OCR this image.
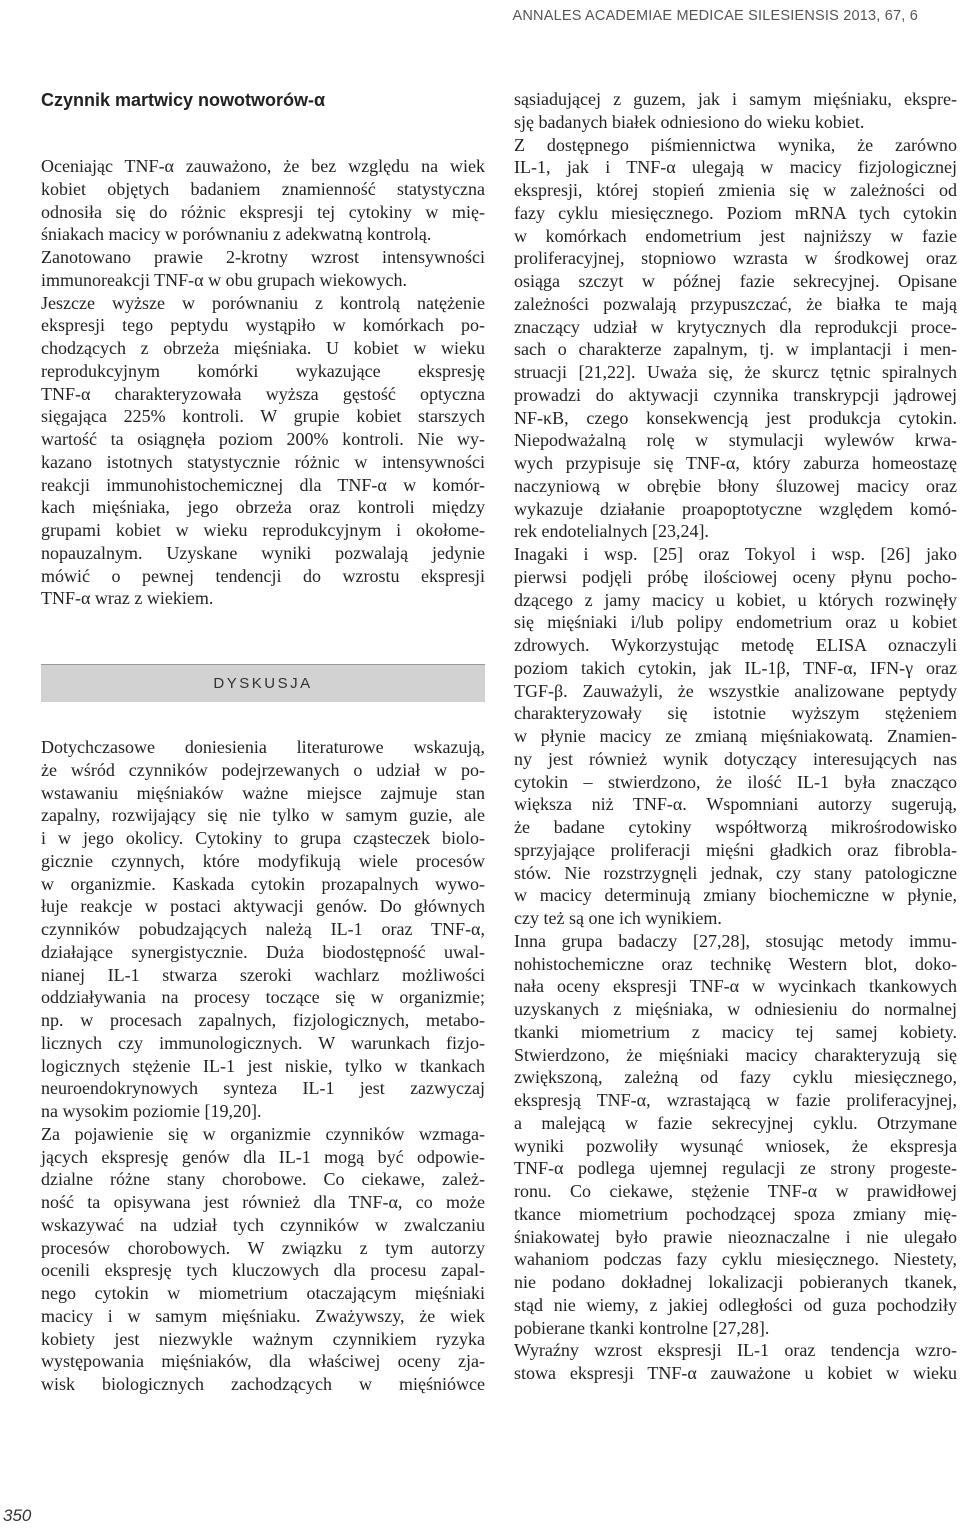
ANNALES ACADEMIAE MEDICAE SILESIENSIS 2013, 67, 6
Czynnik martwicy nowotworów-α
Oceniając TNF-α zauważono, że bez względu na wiek
kobiet objętych badaniem znamienność statystyczna
odnosiła się do różnic ekspresji tej cytokiny w mię-
śniakach macicy w porównaniu z adekwatną kontrolą.
Zanotowano prawie 2-krotny wzrost intensywności
immunoreakcji TNF-α w obu grupach wiekowych.
Jeszcze wyższe w porównaniu z kontrolą natężenie
ekspresji tego peptydu wystąpiło w komórkach po-
chodzących z obrzeża mięśniaka. U kobiet w wieku
reprodukcyjnym komórki wykazujące ekspresję
TNF-α charakteryzowała wyższa gęstość optyczna
sięgająca 225% kontroli. W grupie kobiet starszych
wartość ta osiągnęła poziom 200% kontroli. Nie wy-
kazano istotnych statystycznie różnic w intensywności
reakcji immunohistochemicznej dla TNF-α w komór-
kach mięśniaka, jego obrzeża oraz kontroli między
grupami kobiet w wieku reprodukcyjnym i okołome-
nopauzalnym. Uzyskane wyniki pozwalają jedynie
mówić o pewnej tendencji do wzrostu ekspresji
TNF-α wraz z wiekiem.
DYSKUSJA
Dotychczasowe doniesienia literaturowe wskazują,
że wśród czynników podejrzewanych o udział w po-
wstawaniu mięśniaków ważne miejsce zajmuje stan
zapalny, rozwijający się nie tylko w samym guzie, ale
i w jego okolicy. Cytokiny to grupa cząsteczek biolo-
gicznie czynnych, które modyfikują wiele procesów
w organizmie. Kaskada cytokin prozapalnych wywo-
łuje reakcje w postaci aktywacji genów. Do głównych
czynników pobudzających należą IL-1 oraz TNF-α,
działające synergistycznie. Duża biodostępność uwal-
nianej IL-1 stwarza szeroki wachlarz możliwości
oddziaływania na procesy toczące się w organizmie;
np. w procesach zapalnych, fizjologicznych, metabo-
licznych czy immunologicznych. W warunkach fizjo-
logicznych stężenie IL-1 jest niskie, tylko w tkankach
neuroendokrynowych synteza IL-1 jest zazwyczaj
na wysokim poziomie [19,20].
Za pojawienie się w organizmie czynników wzmaga-
jących ekspresję genów dla IL-1 mogą być odpowie-
dzialne różne stany chorobowe. Co ciekawe, zależ-
ność ta opisywana jest również dla TNF-α, co może
wskazywać na udział tych czynników w zwalczaniu
procesów chorobowych. W związku z tym autorzy
ocenili ekspresję tych kluczowych dla procesu zapal-
nego cytokin w miometrium otaczającym mięśniaki
macicy i w samym mięśniaku. Zważywszy, że wiek
kobiety jest niezwykle ważnym czynnikiem ryzyka
występowania mięśniaków, dla właściwej oceny zja-
wisk biologicznych zachodzących w mięśniówce
sąsiadującej z guzem, jak i samym mięśniaku, ekspre-
sję badanych białek odniesiono do wieku kobiet.
Z dostępnego piśmiennictwa wynika, że zarówno
IL-1, jak i TNF-α ulegają w macicy fizjologicznej
ekspresji, której stopień zmienia się w zależności od
fazy cyklu miesięcznego. Poziom mRNA tych cytokin
w komórkach endometrium jest najniższy w fazie
proliferacyjnej, stopniowo wzrasta w środkowej oraz
osiąga szczyt w późnej fazie sekrecyjnej. Opisane
zależności pozwalają przypuszczać, że białka te mają
znaczący udział w krytycznych dla reprodukcji proce-
sach o charakterze zapalnym, tj. w implantacji i men-
struacji [21,22]. Uważa się, że skurcz tętnic spiralnych
prowadzi do aktywacji czynnika transkrypcji jądrowej
NF-κB, czego konsekwencją jest produkcja cytokin.
Niepodważalną rolę w stymulacji wylewów krwa-
wych przypisuje się TNF-α, który zaburza homeostazę
naczyniową w obrębie błony śluzowej macicy oraz
wykazuje działanie proapoptotyczne względem komó-
rek endotelialnych [23,24].
Inagaki i wsp. [25] oraz Tokyol i wsp. [26] jako
pierwsi podjęli próbę ilościowej oceny płynu pocho-
dzącego z jamy macicy u kobiet, u których rozwinęły
się mięśniaki i/lub polipy endometrium oraz u kobiet
zdrowych. Wykorzystując metodę ELISA oznaczyli
poziom takich cytokin, jak IL-1β, TNF-α, IFN-γ oraz
TGF-β. Zauważyli, że wszystkie analizowane peptydy
charakteryzowały się istotnie wyższym stężeniem
w płynie macicy ze zmianą mięśniakowatą. Znamien-
ny jest również wynik dotyczący interesujących nas
cytokin – stwierdzono, że ilość IL-1 była znacząco
większa niż TNF-α. Wspomniani autorzy sugerują,
że badane cytokiny współtworzą mikrośrodowisko
sprzyjające proliferacji mięśni gładkich oraz fibrobla-
stów. Nie rozstrzygnęli jednak, czy stany patologiczne
w macicy determinują zmiany biochemiczne w płynie,
czy też są one ich wynikiem.
Inna grupa badaczy [27,28], stosując metody immu-
nohistochemiczne oraz technikę Western blot, doko-
nała oceny ekspresji TNF-α w wycinkach tkankowych
uzyskanych z mięśniaka, w odniesieniu do normalnej
tkanki miometrium z macicy tej samej kobiety.
Stwierdzono, że mięśniaki macicy charakteryzują się
zwiększoną, zależną od fazy cyklu miesięcznego,
ekspresją TNF-α, wzrastającą w fazie proliferacyjnej,
a malejącą w fazie sekrecyjnej cyklu. Otrzymane
wyniki pozwoliły wysunąć wniosek, że ekspresja
TNF-α podlega ujemnej regulacji ze strony progeste-
ronu. Co ciekawe, stężenie TNF-α w prawidłowej
tkance miometrium pochodzącej spoza zmiany mię-
śniakowatej było prawie nieoznaczalne i nie ulegało
wahaniom podczas fazy cyklu miesięcznego. Niestety,
nie podano dokładnej lokalizacji pobieranych tkanek,
stąd nie wiemy, z jakiej odległości od guza pochodziły
pobierane tkanki kontrolne [27,28].
Wyraźny wzrost ekspresji IL-1 oraz tendencja wzro-
stowa ekspresji TNF-α zauważone u kobiet w wieku
350
